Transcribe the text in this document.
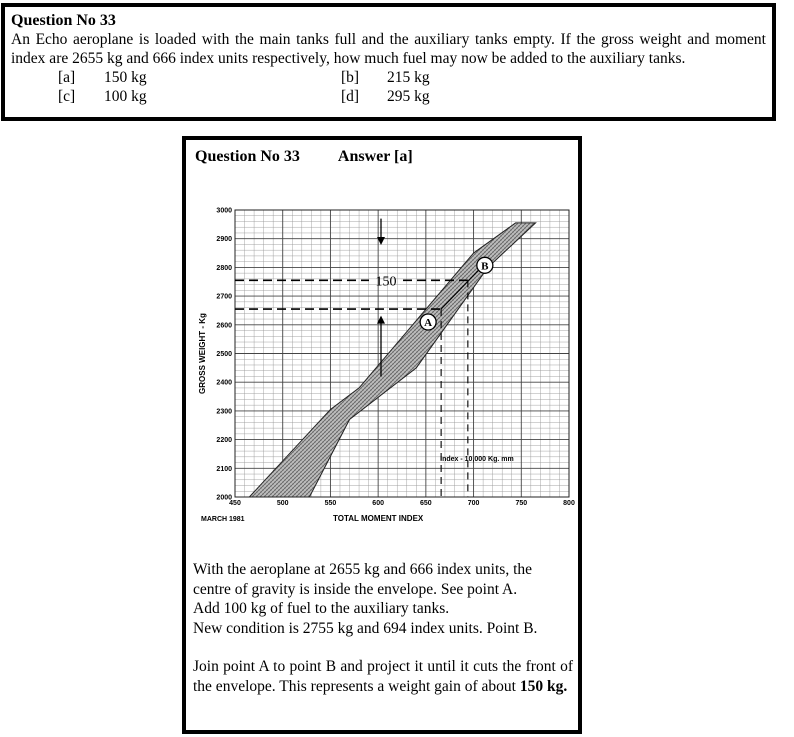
Question No 33
An Echo aeroplane is loaded with the main tanks full and the auxiliary tanks empty. If the gross weight and moment index are 2655 kg and 666 index units respectively, how much fuel may now be added to the auxiliary tanks.
[a] 150 kg	[b] 215 kg
[c] 100 kg	[d] 295 kg
Question No 33 Answer [a]
150
A
B
2000
2100
2200
2300
2400
2500
2600
2700
2800
2900
3000
450	500	550	600	650	700	750	800
GROSS WEIGHT - Kg
TOTAL MOMENT INDEX
MARCH 1981
Index - 10,000 Kg. mm

With the aeroplane at 2655 kg and 666 index units, the centre of gravity is inside the envelope. See point A.

Add 100 kg of fuel to the auxiliary tanks.

New condition is 2755 kg and 694 index units. Point B.

Join point A to point B and project it until it cuts the front of the envelope. This represents a weight gain of about 150 kg.
